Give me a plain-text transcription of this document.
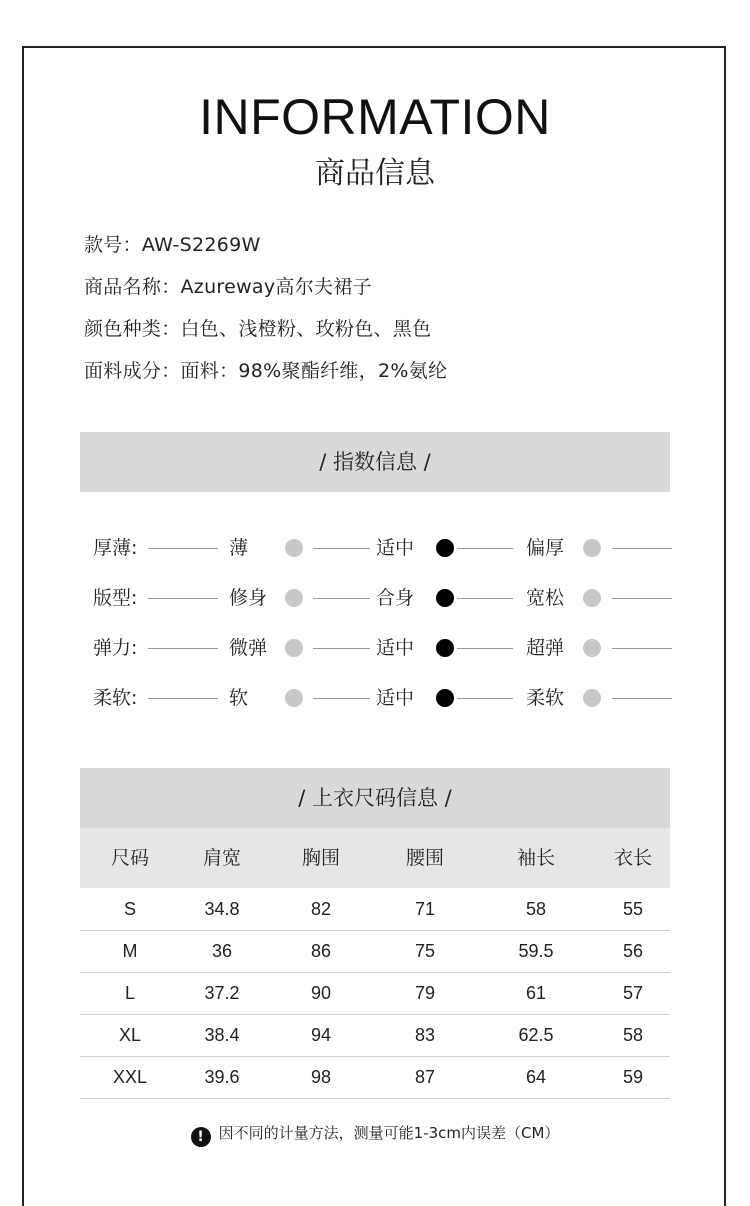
INFORMATION
商品信息
款号：AW-S2269W
商品名称：Azureway高尔夫裙子
颜色种类：白色、浅橙粉、玫粉色、黑色
面料成分：面料：98%聚酯纤维，2%氨纶
/ 指数信息 /
厚薄:	薄	适中	偏厚
版型:	修身	合身	宽松
弹力:	微弹	适中	超弹
柔软:	软	适中	柔软
/ 上衣尺码信息 /
尺码	肩宽	胸围	腰围	袖长	衣长
S	34.8	82	71	58	55
M	36	86	75	59.5	56
L	37.2	90	79	61	57
XL	38.4	94	83	62.5	58
XXL	39.6	98	87	64	59
! 因不同的计量方法，测量可能1-3cm内误差（CM）
